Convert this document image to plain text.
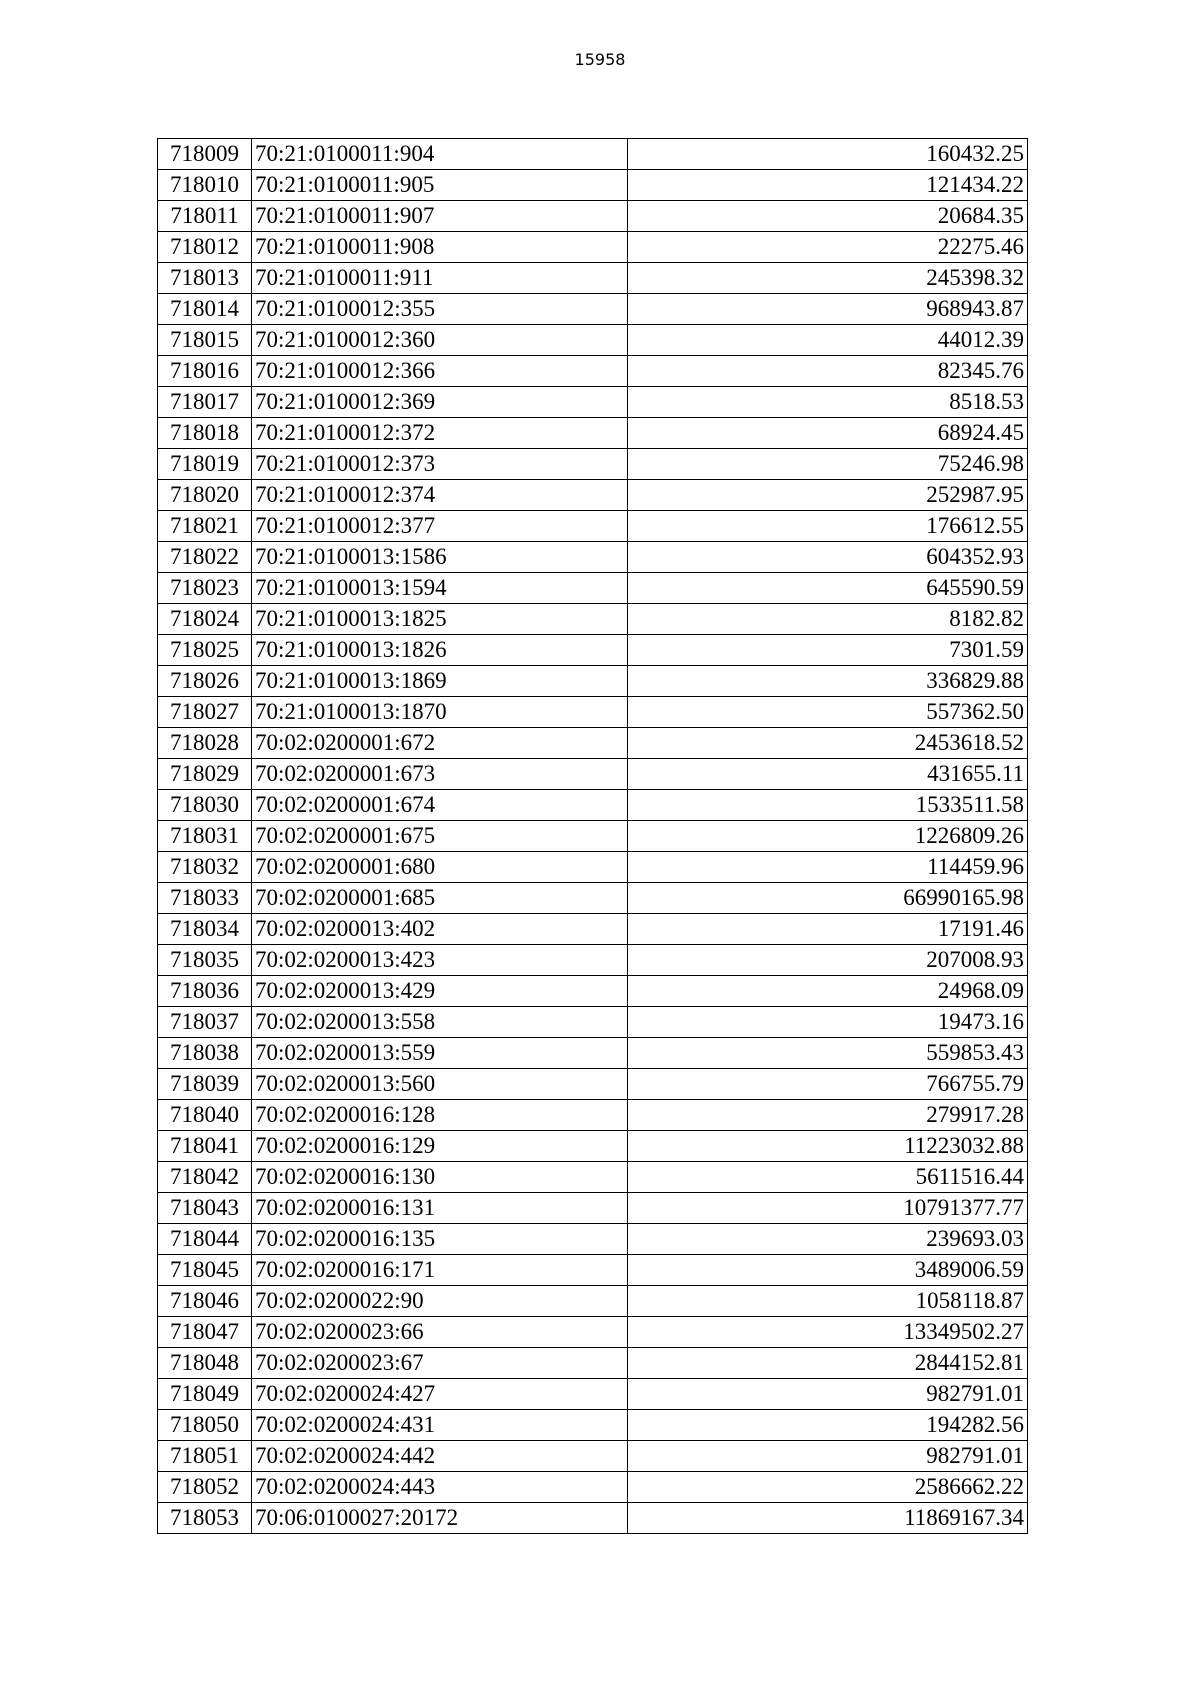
15958
718009	70:21:0100011:904	160432.25
718010	70:21:0100011:905	121434.22
718011	70:21:0100011:907	20684.35
718012	70:21:0100011:908	22275.46
718013	70:21:0100011:911	245398.32
718014	70:21:0100012:355	968943.87
718015	70:21:0100012:360	44012.39
718016	70:21:0100012:366	82345.76
718017	70:21:0100012:369	8518.53
718018	70:21:0100012:372	68924.45
718019	70:21:0100012:373	75246.98
718020	70:21:0100012:374	252987.95
718021	70:21:0100012:377	176612.55
718022	70:21:0100013:1586	604352.93
718023	70:21:0100013:1594	645590.59
718024	70:21:0100013:1825	8182.82
718025	70:21:0100013:1826	7301.59
718026	70:21:0100013:1869	336829.88
718027	70:21:0100013:1870	557362.50
718028	70:02:0200001:672	2453618.52
718029	70:02:0200001:673	431655.11
718030	70:02:0200001:674	1533511.58
718031	70:02:0200001:675	1226809.26
718032	70:02:0200001:680	114459.96
718033	70:02:0200001:685	66990165.98
718034	70:02:0200013:402	17191.46
718035	70:02:0200013:423	207008.93
718036	70:02:0200013:429	24968.09
718037	70:02:0200013:558	19473.16
718038	70:02:0200013:559	559853.43
718039	70:02:0200013:560	766755.79
718040	70:02:0200016:128	279917.28
718041	70:02:0200016:129	11223032.88
718042	70:02:0200016:130	5611516.44
718043	70:02:0200016:131	10791377.77
718044	70:02:0200016:135	239693.03
718045	70:02:0200016:171	3489006.59
718046	70:02:0200022:90	1058118.87
718047	70:02:0200023:66	13349502.27
718048	70:02:0200023:67	2844152.81
718049	70:02:0200024:427	982791.01
718050	70:02:0200024:431	194282.56
718051	70:02:0200024:442	982791.01
718052	70:02:0200024:443	2586662.22
718053	70:06:0100027:20172	11869167.34
